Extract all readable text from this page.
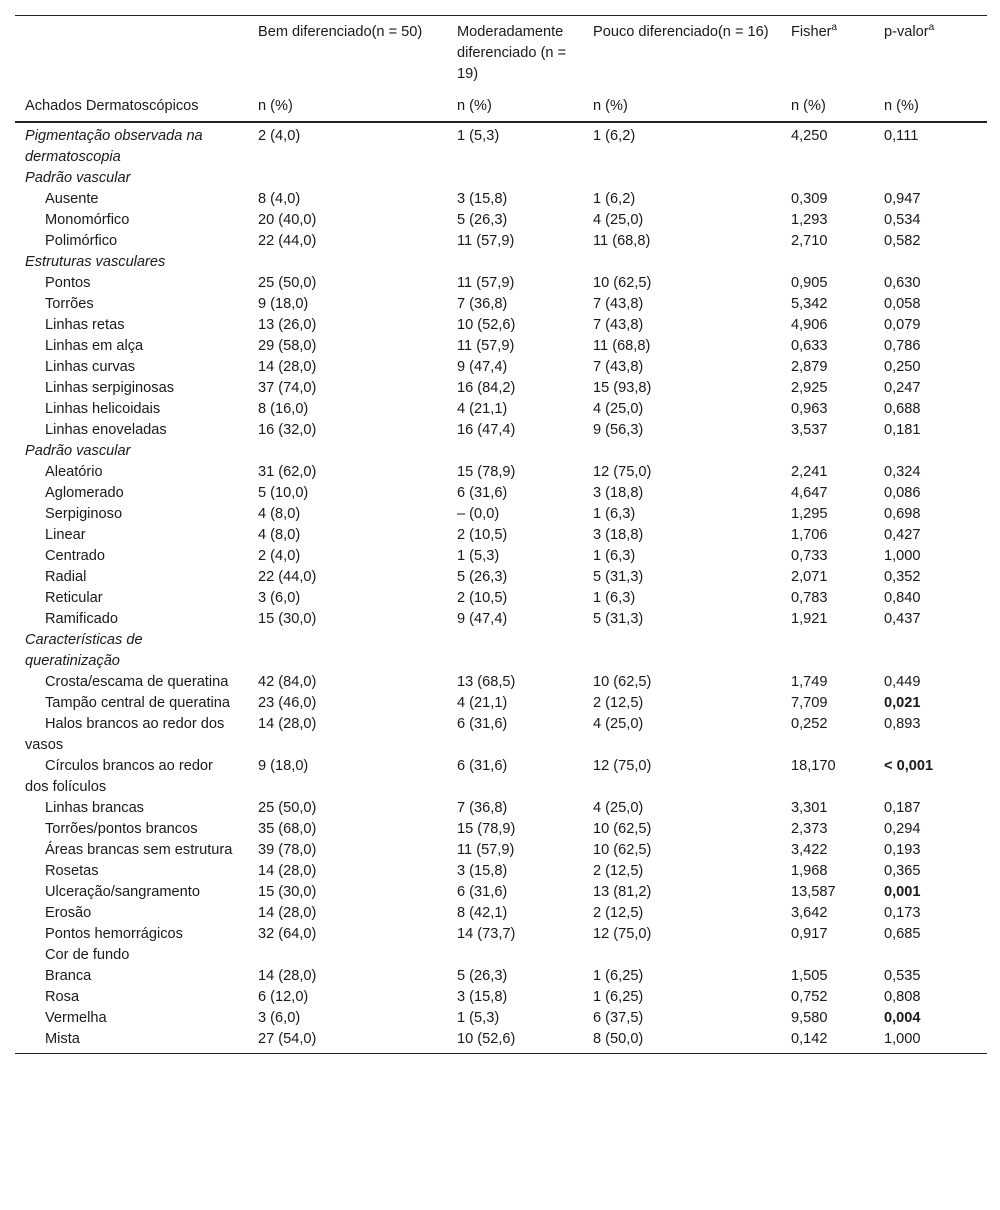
	Bem diferenciado(n = 50)	Moderadamente diferenciado (n = 19)	Pouco diferenciado(n = 16)	Fisher$^a$	p-valor$^a$
Achados Dermatoscópicos	n (%)	n (%)	n (%)	n (%)	n (%)
Pigmentação observada na dermatoscopia	2 (4,0)	1 (5,3)	1 (6,2)	4,250	0,111
Padrão vascular					
Ausente	8 (4,0)	3 (15,8)	1 (6,2)	0,309	0,947
Monomórfico	20 (40,0)	5 (26,3)	4 (25,0)	1,293	0,534
Polimórfico	22 (44,0)	11 (57,9)	11 (68,8)	2,710	0,582
Estruturas vasculares					
Pontos	25 (50,0)	11 (57,9)	10 (62,5)	0,905	0,630
Torrões	9 (18,0)	7 (36,8)	7 (43,8)	5,342	0,058
Linhas retas	13 (26,0)	10 (52,6)	7 (43,8)	4,906	0,079
Linhas em alça	29 (58,0)	11 (57,9)	11 (68,8)	0,633	0,786
Linhas curvas	14 (28,0)	9 (47,4)	7 (43,8)	2,879	0,250
Linhas serpiginosas	37 (74,0)	16 (84,2)	15 (93,8)	2,925	0,247
Linhas helicoidais	8 (16,0)	4 (21,1)	4 (25,0)	0,963	0,688
Linhas enoveladas	16 (32,0)	16 (47,4)	9 (56,3)	3,537	0,181
Padrão vascular					
Aleatório	31 (62,0)	15 (78,9)	12 (75,0)	2,241	0,324
Aglomerado	5 (10,0)	6 (31,6)	3 (18,8)	4,647	0,086
Serpiginoso	4 (8,0)	– (0,0)	1 (6,3)	1,295	0,698
Linear	4 (8,0)	2 (10,5)	3 (18,8)	1,706	0,427
Centrado	2 (4,0)	1 (5,3)	1 (6,3)	0,733	1,000
Radial	22 (44,0)	5 (26,3)	5 (31,3)	2,071	0,352
Reticular	3 (6,0)	2 (10,5)	1 (6,3)	0,783	0,840
Ramificado	15 (30,0)	9 (47,4)	5 (31,3)	1,921	0,437
Características de queratinização					
Crosta/escama de queratina	42 (84,0)	13 (68,5)	10 (62,5)	1,749	0,449
Tampão central de queratina	23 (46,0)	4 (21,1)	2 (12,5)	7,709	0,021
Halos brancos ao redor dos vasos	14 (28,0)	6 (31,6)	4 (25,0)	0,252	0,893
Círculos brancos ao redor dos folículos	9 (18,0)	6 (31,6)	12 (75,0)	18,170	< 0,001
Linhas brancas	25 (50,0)	7 (36,8)	4 (25,0)	3,301	0,187
Torrões/pontos brancos	35 (68,0)	15 (78,9)	10 (62,5)	2,373	0,294
Áreas brancas sem estrutura	39 (78,0)	11 (57,9)	10 (62,5)	3,422	0,193
Rosetas	14 (28,0)	3 (15,8)	2 (12,5)	1,968	0,365
Ulceração/sangramento	15 (30,0)	6 (31,6)	13 (81,2)	13,587	0,001
Erosão	14 (28,0)	8 (42,1)	2 (12,5)	3,642	0,173
Pontos hemorrágicos	32 (64,0)	14 (73,7)	12 (75,0)	0,917	0,685
Cor de fundo					
Branca	14 (28,0)	5 (26,3)	1 (6,25)	1,505	0,535
Rosa	6 (12,0)	3 (15,8)	1 (6,25)	0,752	0,808
Vermelha	3 (6,0)	1 (5,3)	6 (37,5)	9,580	0,004
Mista	27 (54,0)	10 (52,6)	8 (50,0)	0,142	1,000
